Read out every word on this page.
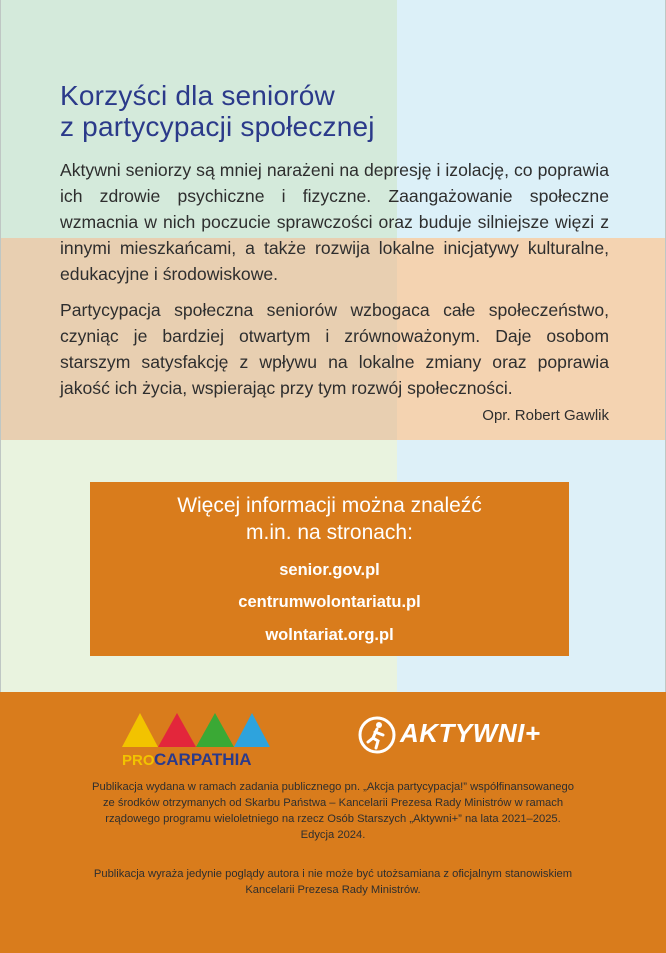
Korzyści dla seniorów
z partycypacji społecznej

Aktywni seniorzy są mniej narażeni na depresję i izolację, co poprawia ich zdrowie psychiczne i fizyczne. Zaangażowanie społeczne wzmacnia w nich poczucie sprawczości oraz buduje silniejsze więzi z innymi mieszkańcami, a także rozwija lokalne inicjatywy kulturalne, edukacyjne i środowiskowe.

Partycypacja społeczna seniorów wzbogaca całe społeczeństwo, czyniąc je bardziej otwartym i zrównoważonym. Daje osobom starszym satysfakcję z wpływu na lokalne zmiany oraz poprawia jakość ich życia, wspierając przy tym rozwój społeczności.

Opr. Robert Gawlik
Więcej informacji można znaleźć
m.in. na stronach:
senior.gov.pl
centrumwolontariatu.pl
wolntariat.org.pl
PRO CARPATHIA
AKTYWNI+

Publikacja wydana w ramach zadania publicznego pn. „Akcja partycypacja!” współfinansowanego
ze środków otrzymanych od Skarbu Państwa – Kancelarii Prezesa Rady Ministrów w ramach
rządowego programu wieloletniego na rzecz Osób Starszych „Aktywni+” na lata 2021–2025.
Edycja 2024.

Publikacja wyraża jedynie poglądy autora i nie może być utożsamiana z oficjalnym stanowiskiem
Kancelarii Prezesa Rady Ministrów.
